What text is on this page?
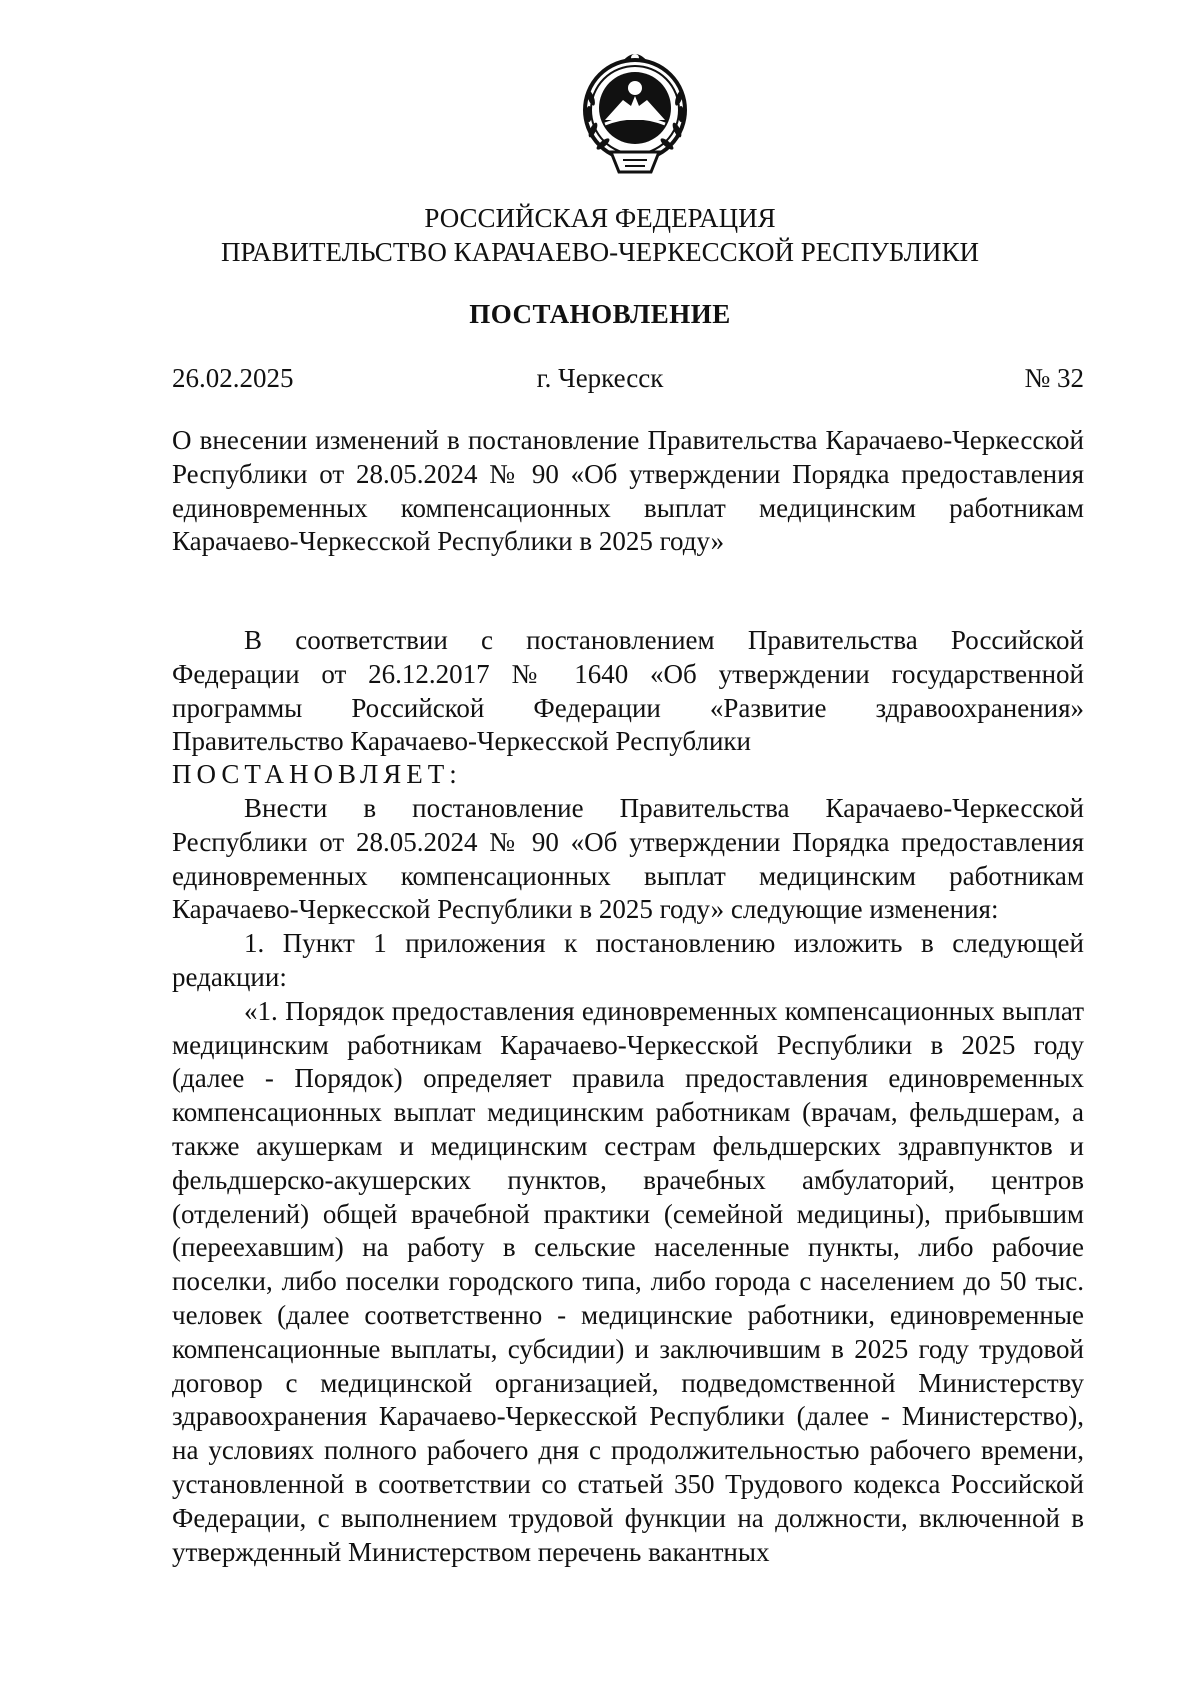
РОССИЙСКАЯ ФЕДЕРАЦИЯ
ПРАВИТЕЛЬСТВО КАРАЧАЕВО-ЧЕРКЕССКОЙ РЕСПУБЛИКИ
ПОСТАНОВЛЕНИЕ
г. Черкесск
26.02.2025	№ 32
О внесении изменений в постановление Правительства Карачаево-Черкесской Республики от 28.05.2024 № 90 «Об утверждении Порядка предоставления единовременных компенсационных выплат медицинским работникам Карачаево-Черкесской Республики в 2025 году»
В соответствии с постановлением Правительства Российской Федерации от 26.12.2017 № 1640 «Об утверждении государственной программы Российской Федерации «Развитие здравоохранения» Правительство Карачаево-Черкесской Республики
ПОСТАНОВЛЯЕТ:

Внести в постановление Правительства Карачаево-Черкесской Республики от 28.05.2024 № 90 «Об утверждении Порядка предоставления единовременных компенсационных выплат медицинским работникам Карачаево-Черкесской Республики в 2025 году» следующие изменения:

1. Пункт 1 приложения к постановлению изложить в следующей редакции:

«1. Порядок предоставления единовременных компенсационных выплат медицинским работникам Карачаево-Черкесской Республики в 2025 году (далее - Порядок) определяет правила предоставления единовременных компенсационных выплат медицинским работникам (врачам, фельдшерам, а также акушеркам и медицинским сестрам фельдшерских здравпунктов и фельдшерско-акушерских пунктов, врачебных амбулаторий, центров (отделений) общей врачебной практики (семейной медицины), прибывшим (переехавшим) на работу в сельские населенные пункты, либо рабочие поселки, либо поселки городского типа, либо города с населением до 50 тыс. человек (далее соответственно - медицинские работники, единовременные компенсационные выплаты, субсидии) и заключившим в 2025 году трудовой договор с медицинской организацией, подведомственной Министерству здравоохранения Карачаево-Черкесской Республики (далее - Министерство), на условиях полного рабочего дня с продолжительностью рабочего времени, установленной в соответствии со статьей 350 Трудового кодекса Российской Федерации, с выполнением трудовой функции на должности, включенной в утвержденный Министерством перечень вакантных
